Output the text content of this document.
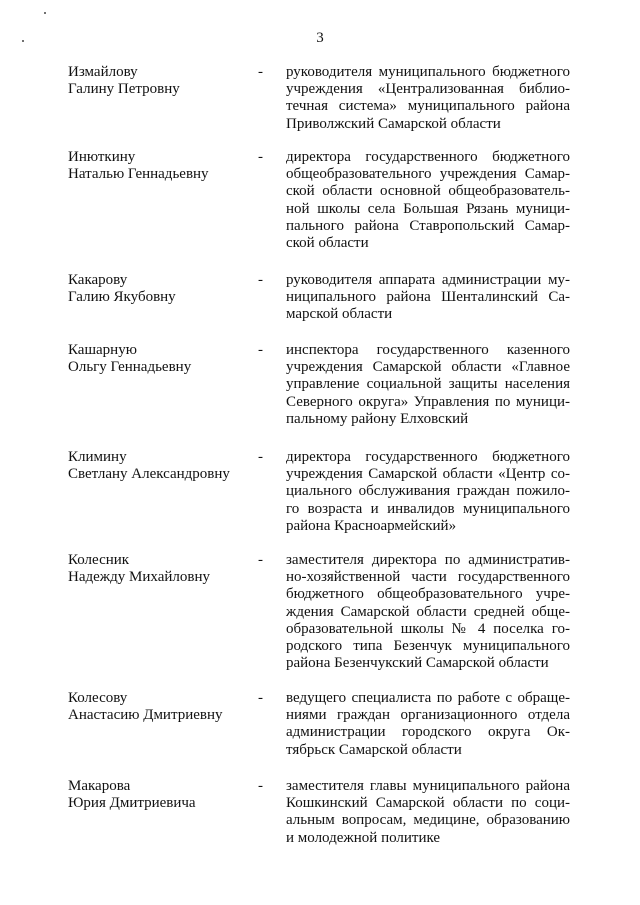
3
Измайлову
Галину Петровну
- руководителя муниципального бюджетного
учреждения «Централизованная библио-
течная система» муниципального района
Приволжский Самарской области
Инюткину
Наталью Геннадьевну
- директора государственного бюджетного
общеобразовательного учреждения Самар-
ской области основной общеобразователь-
ной школы села Большая Рязань муници-
пального района Ставропольский Самар-
ской области
Какарову
Галию Якубовну
- руководителя аппарата администрации му-
ниципального района Шенталинский Са-
марской области
Кашарную
Ольгу Геннадьевну
- инспектора государственного казенного
учреждения Самарской области «Главное
управление социальной защиты населения
Северного округа» Управления по муници-
пальному району Елховский
Климину
Светлану Александровну
- директора государственного бюджетного
учреждения Самарской области «Центр со-
циального обслуживания граждан пожило-
го возраста и инвалидов муниципального
района Красноармейский»
Колесник
Надежду Михайловну
- заместителя директора по административ-
но-хозяйственной части государственного
бюджетного общеобразовательного учре-
ждения Самарской области средней обще-
образовательной школы № 4 поселка го-
родского типа Безенчук муниципального
района Безенчукский Самарской области
Колесову
Анастасию Дмитриевну
- ведущего специалиста по работе с обраще-
ниями граждан организационного отдела
администрации городского округа Ок-
тябрьск Самарской области
Макарова
Юрия Дмитриевича
- заместителя главы муниципального района
Кошкинский Самарской области по соци-
альным вопросам, медицине, образованию
и молодежной политике
